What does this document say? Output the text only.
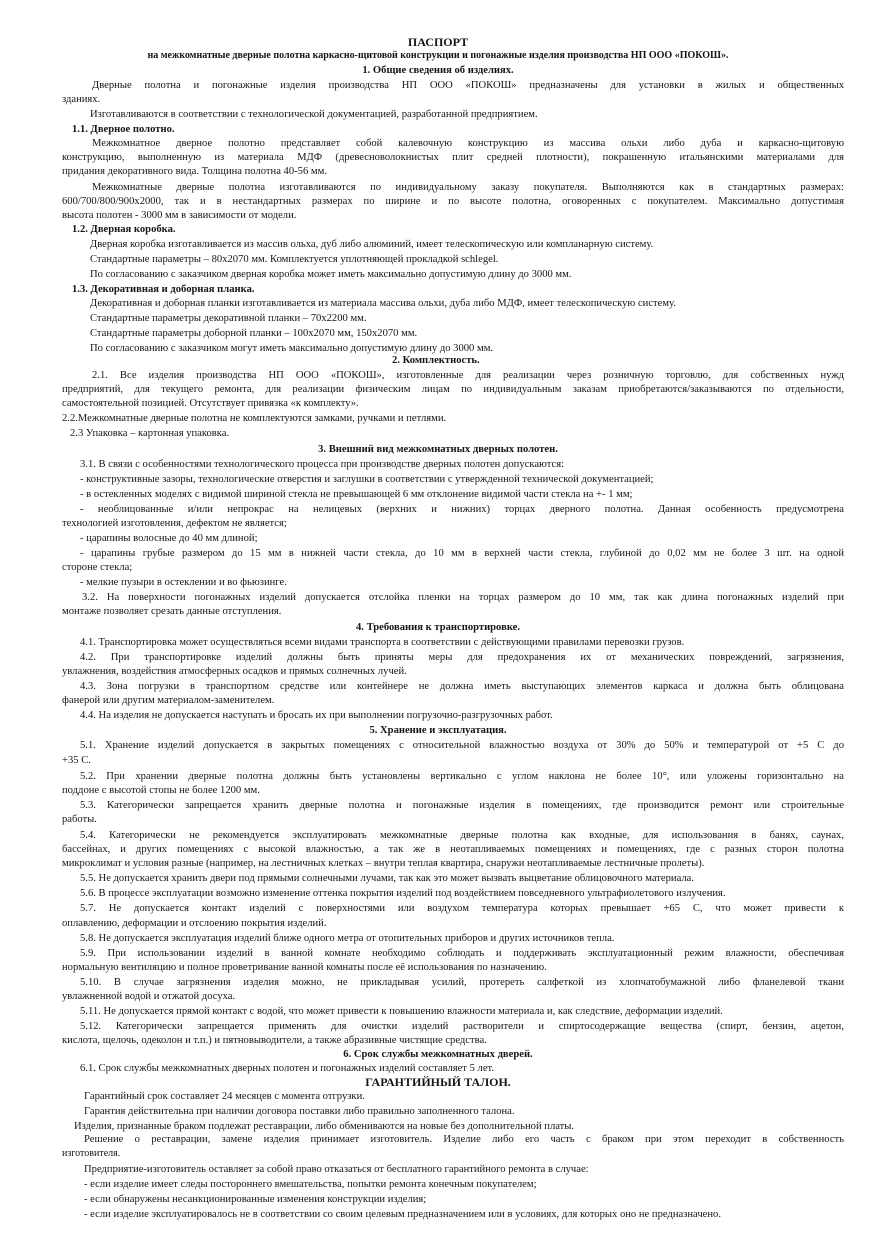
ПАСПОРТ
на межкомнатные дверные полотна каркасно-щитовой конструкции и погонажные изделия производства НП ООО «ПОКОШ».
1. Общие сведения об изделиях.
Дверные полотна и погонажные изделия производства НП ООО «ПОКОШ» предназначены для установки в жилых и общественных
зданиях.
Изготавливаются в соответствии с технологической документацией, разработанной предприятием.
1.1. Дверное полотно.
Межкомнатное дверное полотно представляет собой калевочную конструкцию из массива ольхи либо дуба и каркасно-щитовую
конструкцию, выполненную из материала МДФ (древесноволокнистых плит средней плотности), покрашенную итальянскими материалами для
придания декоративного вида. Толщина полотна 40-56 мм.
Межкомнатные дверные полотна изготавливаются по индивидуальному заказу покупателя. Выполняются как в стандартных размерах:
600/700/800/900х2000, так и в нестандартных размерах по ширине и по высоте полотна, оговоренных с покупателем. Максимально допустимая
высота полотен - 3000 мм в зависимости от модели.
1.2. Дверная коробка.
Дверная коробка изготавливается из массив ольха, дуб либо алюминий, имеет телескопическую или компланарную систему.
Стандартные параметры – 80х2070 мм. Комплектуется уплотняющей прокладкой schlegel.
По согласованию с заказчиком дверная коробка может иметь максимально допустимую длину до 3000 мм.
1.3. Декоративная и доборная планка.
Декоративная и доборная планки изготавливается из материала массива ольхи, дуба либо МДФ, имеет телескопическую систему.
Стандартные параметры декоративной планки – 70х2200 мм.
Стандартные параметры доборной планки – 100х2070 мм, 150х2070 мм.
По согласованию с заказчиком могут иметь максимально допустимую длину до 3000 мм.
2. Комплектность.
2.1. Все изделия производства НП ООО «ПОКОШ», изготовленные для реализации через розничную торговлю, для собственных нужд
предприятий, для текущего ремонта, для реализации физическим лицам по индивидуальным заказам приобретаются/заказываются по отдельности,
самостоятельной позицией. Отсутствует привязка «к комплекту».
2.2.Межкомнатные дверные полотна не комплектуются замками, ручками и петлями.
2.3 Упаковка – картонная упаковка.
3. Внешний вид межкомнатных дверных полотен.
3.1. В связи с особенностями технологического процесса при производстве дверных полотен допускаются:
- конструктивные зазоры, технологические отверстия и заглушки в соответствии с утвержденной технической документацией;
- в остекленных моделях с видимой шириной стекла не превышающей 6 мм отклонение видимой части стекла на +- 1 мм;
- необлицованные и/или непрокрас на нелицевых (верхних и нижних) торцах дверного полотна. Данная особенность предусмотрена
технологией изготовления, дефектом не является;
- царапины волосные до 40 мм длиной;
- царапины грубые размером до 15 мм в нижней части стекла, до 10 мм в верхней части стекла, глубиной до 0,02 мм не более 3 шт. на одной
стороне стекла;
- мелкие пузыри в остеклении и во фьюзинге.
3.2. На поверхности погонажных изделий допускается отслойка пленки на торцах размером до 10 мм, так как длина погонажных изделий при
монтаже позволяет срезать данные отступления.
4. Требования к транспортировке.
4.1. Транспортировка может осуществляться всеми видами транспорта в соответствии с действующими правилами перевозки грузов.
4.2. При транспортировке изделий должны быть приняты меры для предохранения их от механических повреждений, загрязнения,
увлажнения, воздействия атмосферных осадков и прямых солнечных лучей.
4.3. Зона погрузки в транспортном средстве или контейнере не должна иметь выступающих элементов каркаса и должна быть облицована
фанерой или другим материалом-заменителем.
4.4. На изделия не допускается наступать и бросать их при выполнении погрузочно-разгрузочных работ.
5. Хранение и эксплуатация.
5.1. Хранение изделий допускается в закрытых помещениях с относительной влажностью воздуха от 30% до 50% и температурой от +5 С до
+35 С.
5.2. При хранении дверные полотна должны быть установлены вертикально с углом наклона не более 10°, или уложены горизонтально на
поддоне с высотой стопы не более 1200 мм.
5.3. Категорически запрещается хранить дверные полотна и погонажные изделия в помещениях, где производится ремонт или строительные
работы.
5.4. Категорически не рекомендуется эксплуатировать межкомнатные дверные полотна как входные, для использования в банях, саунах,
бассейнах, и других помещениях с высокой влажностью, а так же в неотапливаемых помещениях и помещениях, где с разных сторон полотна
микроклимат и условия разные (например, на лестничных клетках – внутри теплая квартира, снаружи неотапливаемые лестничные пролеты).
5.5. Не допускается хранить двери под прямыми солнечными лучами, так как это может вызвать выцветание облицовочного материала.
5.6. В процессе эксплуатации возможно изменение оттенка покрытия изделий под воздействием повседневного ультрафиолетового излучения.
5.7. Не допускается контакт изделий с поверхностями или воздухом температура которых превышает +65 С, что может привести к
оплавлению, деформации и отслоению покрытия изделий.
5.8. Не допускается эксплуатация изделий ближе одного метра от отопительных приборов и других источников тепла.
5.9. При использовании изделий в ванной комнате необходимо соблюдать и поддерживать эксплуатационный режим влажности, обеспечивая
нормальную вентиляцию и полное проветривание ванной комнаты после её использования по назначению.
5.10. В случае загрязнения изделия можно, не прикладывая усилий, протереть салфеткой из хлопчатобумажной либо фланелевой ткани
увлажненной водой и отжатой досуха.
5.11. Не допускается прямой контакт с водой, что может привести к повышению влажности материала и, как следствие, деформации изделий.
5.12. Категорически запрещается применять для очистки изделий растворители и спиртосодержащие вещества (спирт, бензин, ацетон,
кислота, щелочь, одеколон и т.п.) и пятновыводители, а также абразивные чистящие средства.
6. Срок службы межкомнатных дверей.
6.1. Срок службы межкомнатных дверных полотен и погонажных изделий составляет 5 лет.
ГАРАНТИЙНЫЙ ТАЛОН.
Гарантийный срок составляет 24 месяцев с момента отгрузки.
Гарантия действительна при наличии договора поставки либо правильно заполненного талона.
Изделия, признанные браком подлежат реставрации, либо обмениваются на новые без дополнительной платы.
Решение о реставрации, замене изделия принимает изготовитель. Изделие либо его часть с браком при этом переходит в собственность
изготовителя.
Предприятие-изготовитель оставляет за собой право отказаться от бесплатного гарантийного ремонта в случае:
- если изделие имеет следы постороннего вмешательства, попытки ремонта конечным покупателем;
- если обнаружены несанкционированные изменения конструкции изделия;
- если изделие эксплуатировалось не в соответствии со своим целевым предназначением или в условиях, для которых оно не предназначено.
